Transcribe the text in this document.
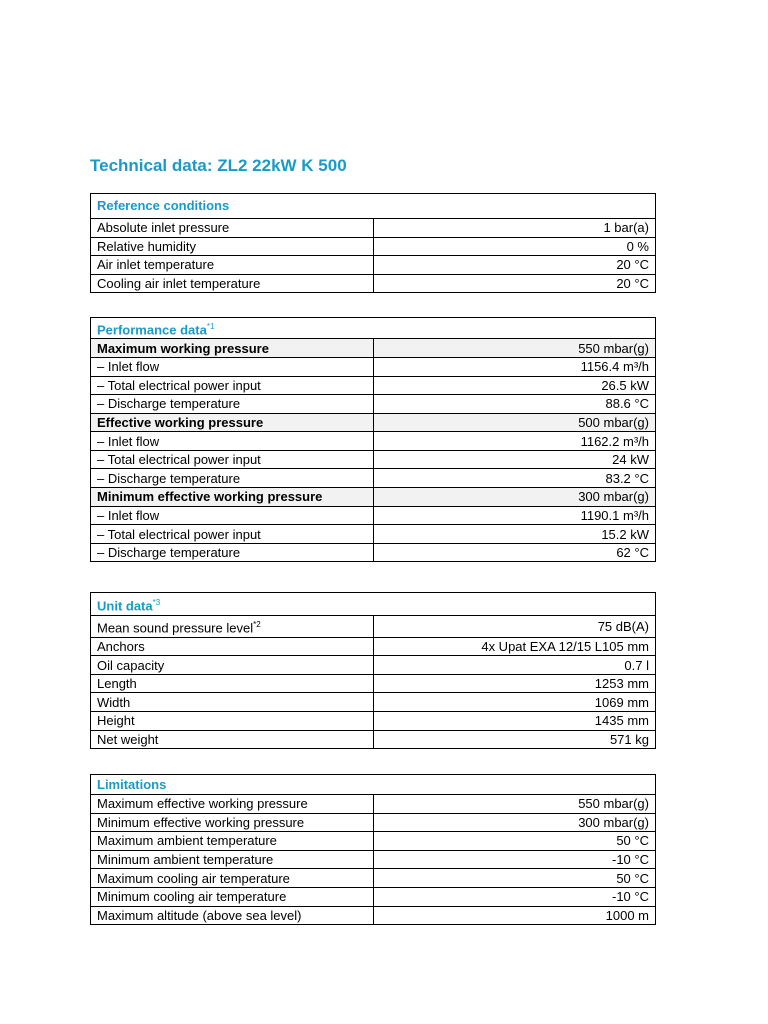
Technical data: ZL2 22kW K 500
Reference conditions	
Absolute inlet pressure	1 bar(a)
Relative humidity	0 %
Air inlet temperature	20 °C
Cooling air inlet temperature	20 °C
Performance data$^{*1}$
Maximum working pressure	550 mbar(g)
– Inlet flow	1156.4 m³/h
– Total electrical power input	26.5 kW
– Discharge temperature	88.6 °C
Effective working pressure	500 mbar(g)
– Inlet flow	1162.2 m³/h
– Total electrical power input	24 kW
– Discharge temperature	83.2 °C
Minimum effective working pressure	300 mbar(g)
– Inlet flow	1190.1 m³/h
– Total electrical power input	15.2 kW
– Discharge temperature	62 °C
Unit data$^{*3}$
Mean sound pressure level$^{*2}$	75 dB(A)
Anchors	4x Upat EXA 12/15 L105 mm
Oil capacity	0.7 l
Length	1253 mm
Width	1069 mm
Height	1435 mm
Net weight	571 kg
Limitations	
Maximum effective working pressure	550 mbar(g)
Minimum effective working pressure	300 mbar(g)
Maximum ambient temperature	50 °C
Minimum ambient temperature	-10 °C
Maximum cooling air temperature	50 °C
Minimum cooling air temperature	-10 °C
Maximum altitude (above sea level)	1000 m
